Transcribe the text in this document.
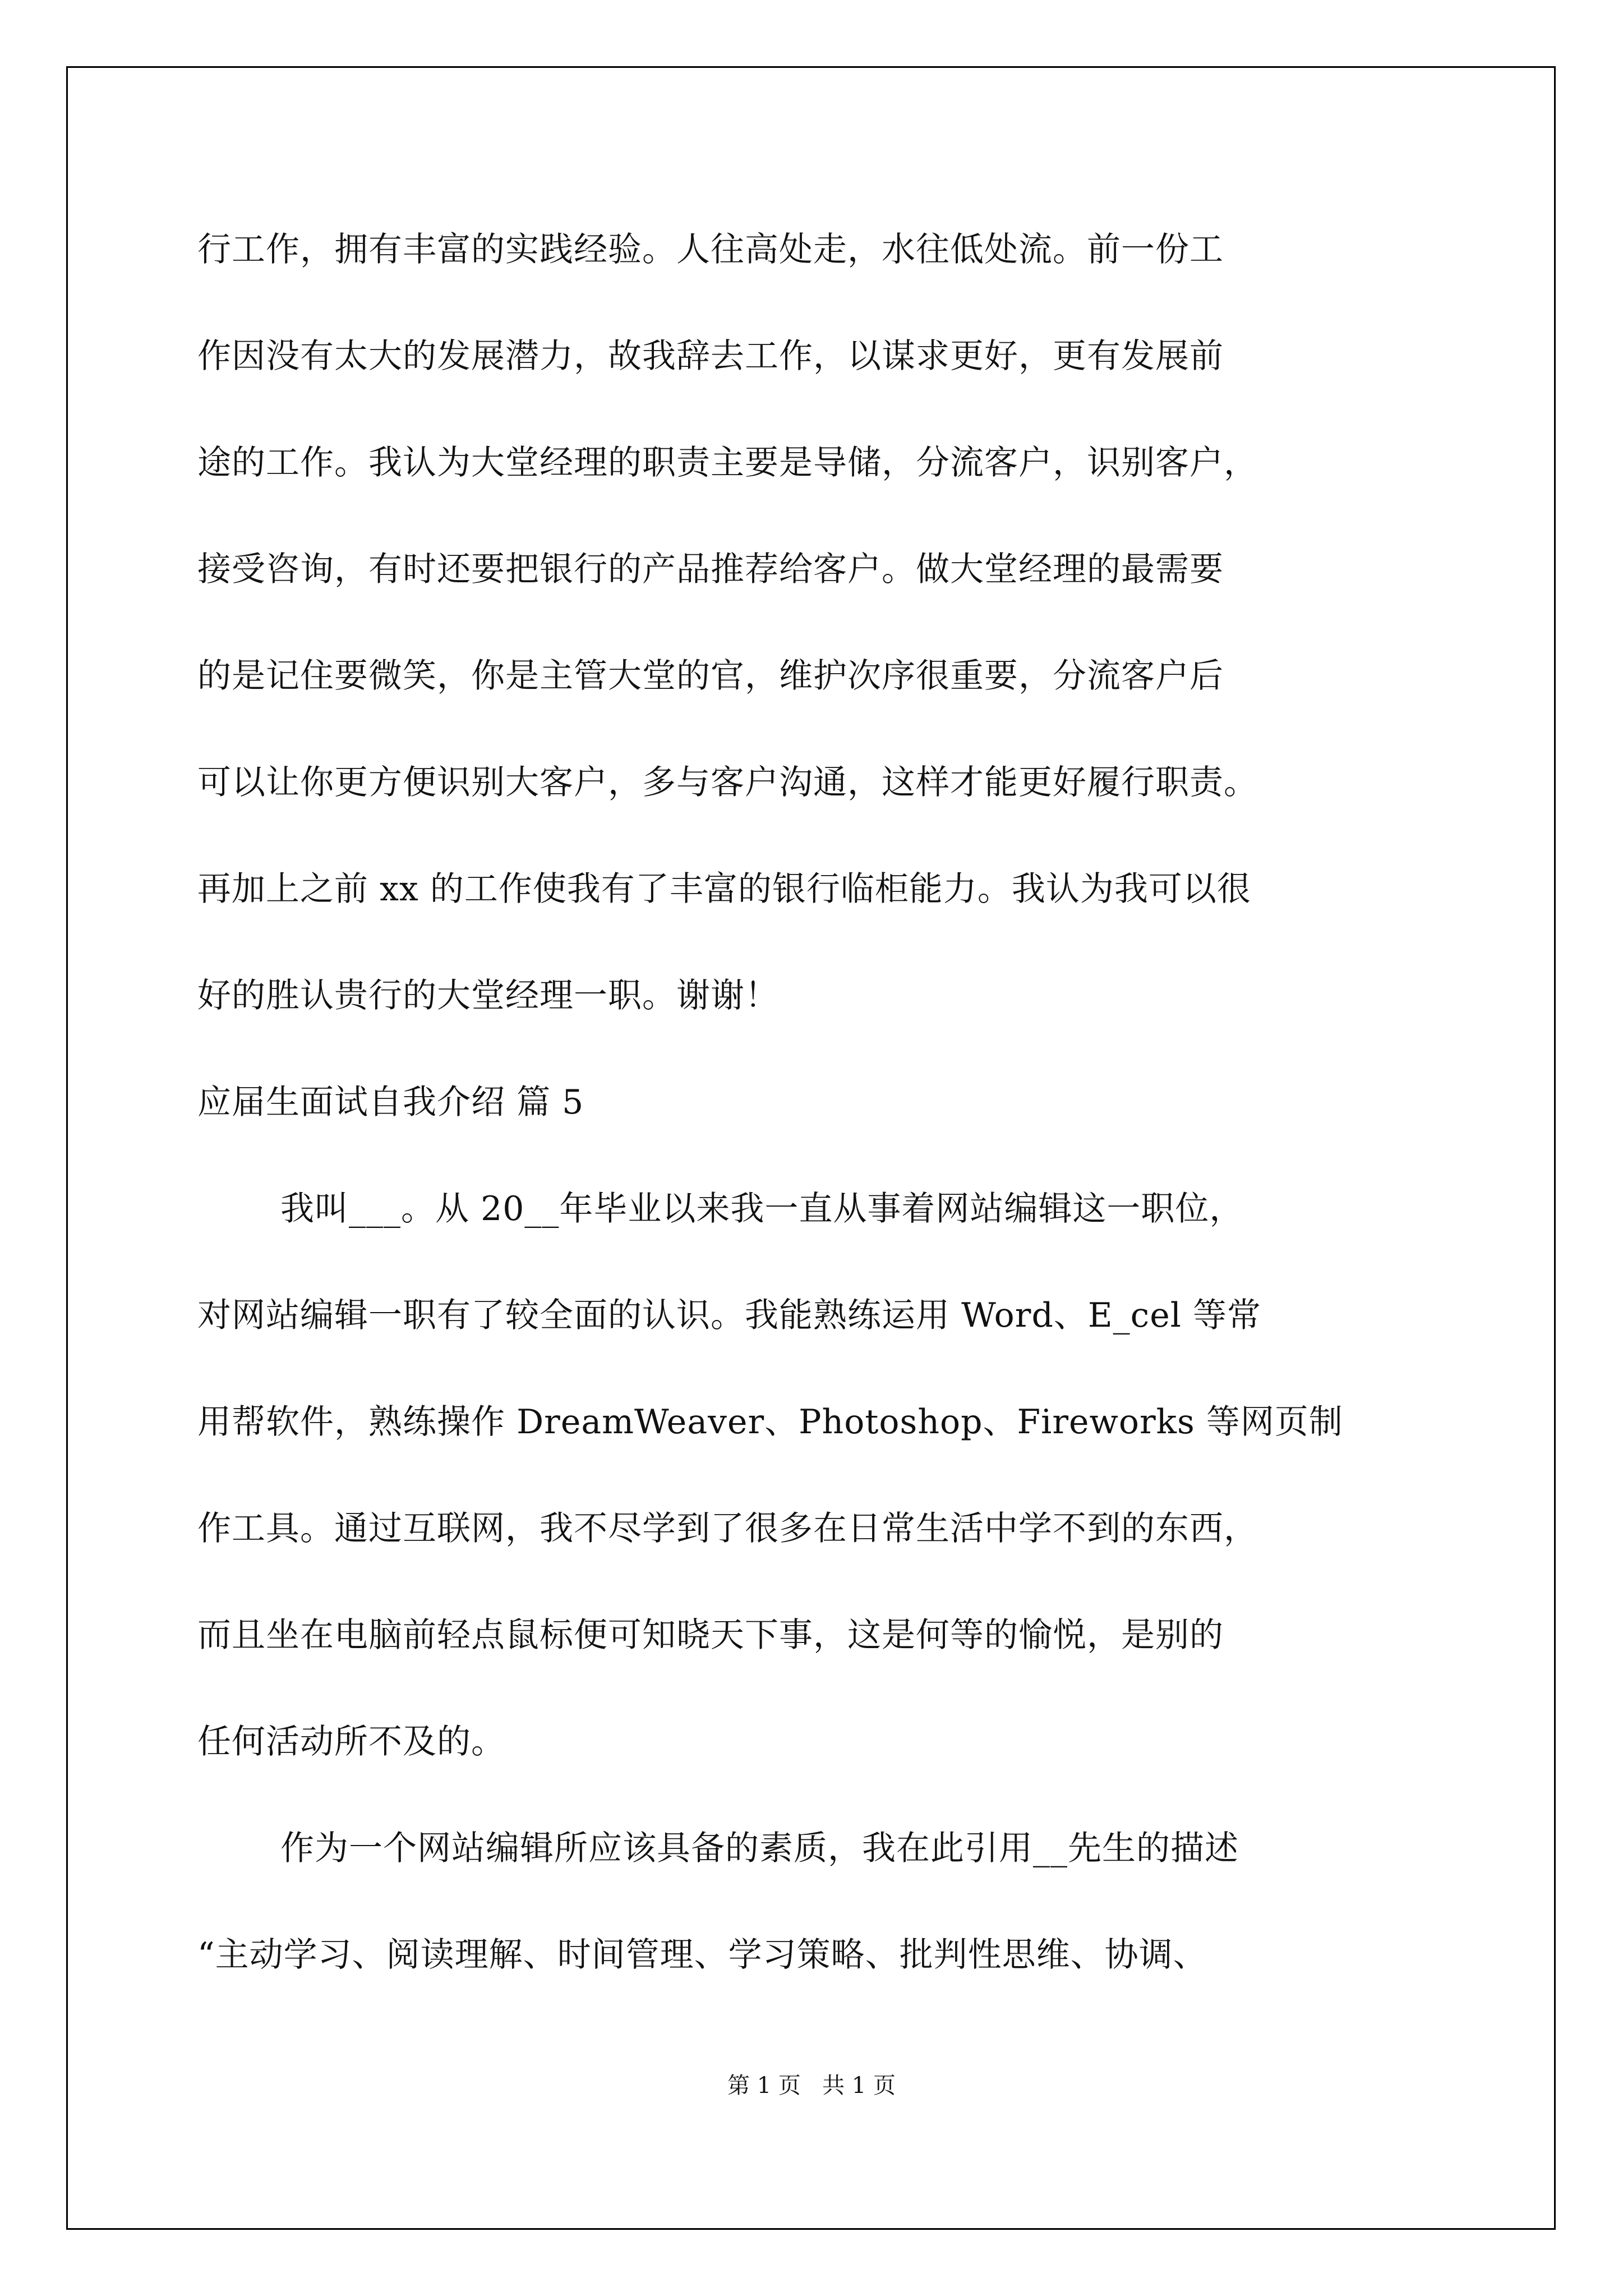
行工作，拥有丰富的实践经验。人往高处走，水往低处流。前一份工
作因没有太大的发展潜力，故我辞去工作，以谋求更好，更有发展前
途的工作。我认为大堂经理的职责主要是导储，分流客户，识别客户，
接受咨询，有时还要把银行的产品推荐给客户。做大堂经理的最需要
的是记住要微笑，你是主管大堂的官，维护次序很重要，分流客户后
可以让你更方便识别大客户，多与客户沟通，这样才能更好履行职责。
再加上之前 xx 的工作使我有了丰富的银行临柜能力。我认为我可以很
好的胜认贵行的大堂经理一职。谢谢！
应届生面试自我介绍 篇 5
我叫___。从 20__年毕业以来我一直从事着网站编辑这一职位，
对网站编辑一职有了较全面的认识。我能熟练运用 Word、E_cel 等常
用帮软件，熟练操作 DreamWeaver、Photoshop、Fireworks 等网页制
作工具。通过互联网，我不尽学到了很多在日常生活中学不到的东西，
而且坐在电脑前轻点鼠标便可知晓天下事，这是何等的愉悦，是别的
任何活动所不及的。
作为一个网站编辑所应该具备的素质，我在此引用__先生的描述
“主动学习、阅读理解、时间管理、学习策略、批判性思维、协调、
第 1 页   共 1 页
